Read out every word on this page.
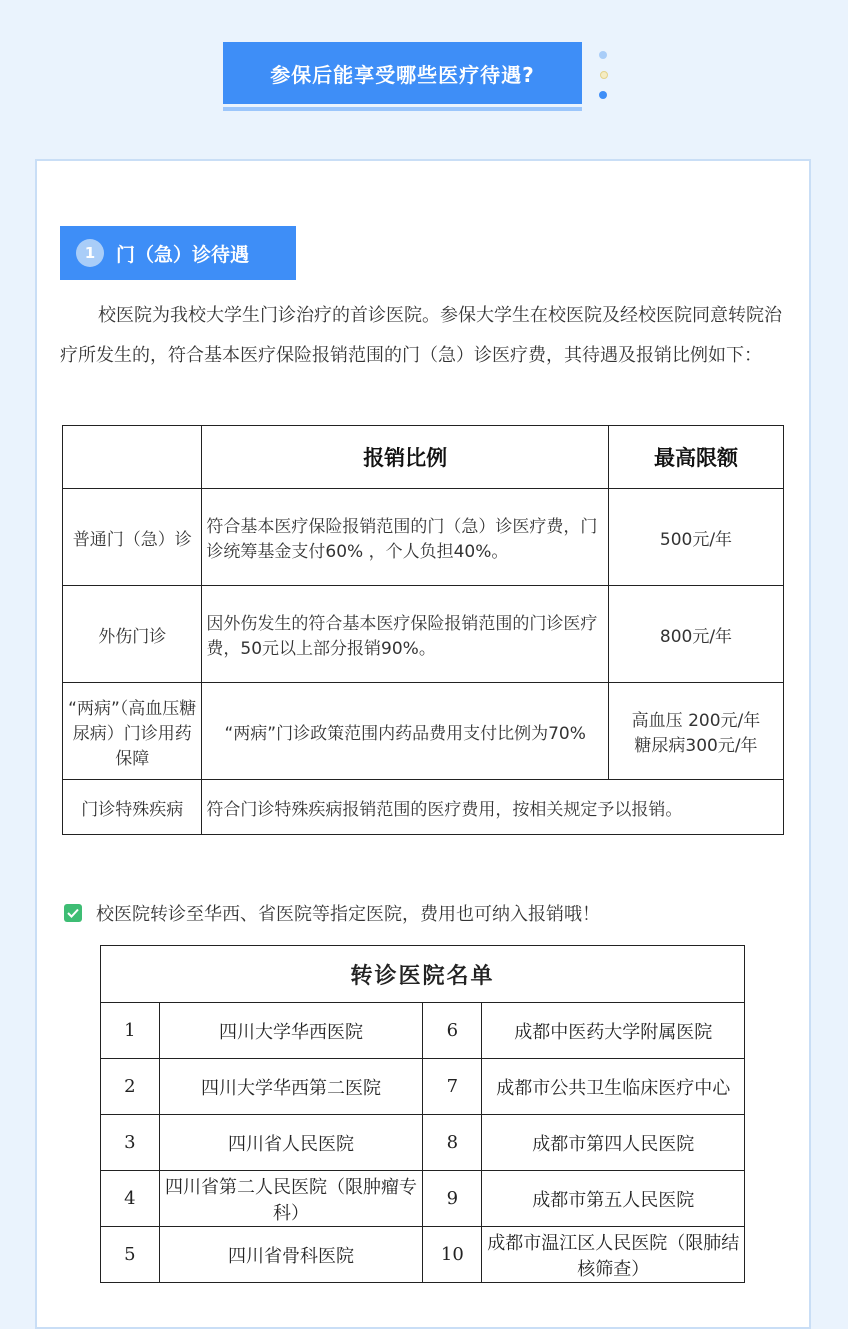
参保后能享受哪些医疗待遇?
1	门（急）诊待遇

校医院为我校大学生门诊治疗的首诊医院。参保大学生在校医院及经校医院同意转院治疗所发生的，符合基本医疗保险报销范围的门（急）诊医疗费，其待遇及报销比例如下：

	报销比例	最高限额
普通门（急）诊	符合基本医疗保险报销范围的门（急）诊医疗费，门诊统筹基金支付60% ，个人负担40%。	500元/年
外伤门诊	因外伤发生的符合基本医疗保险报销范围的门诊医疗费，50元以上部分报销90%。	800元/年
“两病”（高血压糖尿病）门诊用药保障	“两病”门诊政策范围内药品费用支付比例为70%	高血压 200元/年
糖尿病300元/年

门诊特殊疾病	符合门诊特殊疾病报销范围的医疗费用，按相关规定予以报销。	
校医院转诊至华西、省医院等指定医院，费用也可纳入报销哦！
转诊医院名单			
1	四川大学华西医院	6	成都中医药大学附属医院
2	四川大学华西第二医院	7	成都市公共卫生临床医疗中心
3	四川省人民医院	8	成都市第四人民医院
4	四川省第二人民医院（限肿瘤专科）	9	成都市第五人民医院
5	四川省骨科医院	10	成都市温江区人民医院（限肺结核筛查）
